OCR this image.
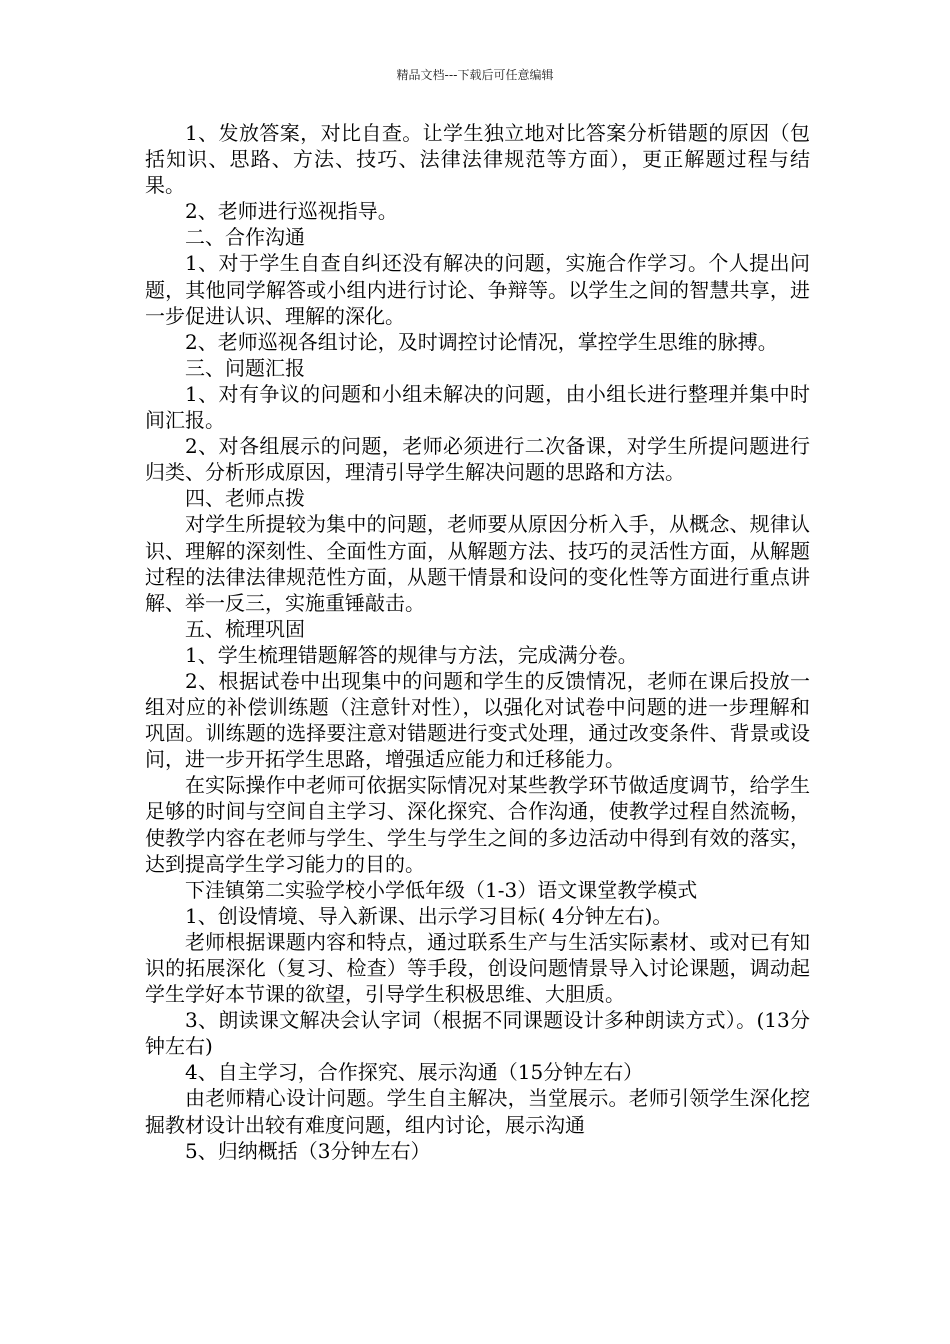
精品文档---下载后可任意编辑

1、发放答案，对比自查。让学生独立地对比答案分析错题的原因（包括知识、思路、方法、技巧、法律法律规范等方面），更正解题过程与结果。

2、老师进行巡视指导。

二、合作沟通

1、对于学生自查自纠还没有解决的问题，实施合作学习。个人提出问题，其他同学解答或小组内进行讨论、争辩等。以学生之间的智慧共享，进一步促进认识、理解的深化。

2、老师巡视各组讨论，及时调控讨论情况，掌控学生思维的脉搏。

三、问题汇报

1、对有争议的问题和小组未解决的问题，由小组长进行整理并集中时间汇报。

2、对各组展示的问题，老师必须进行二次备课，对学生所提问题进行归类、分析形成原因，理清引导学生解决问题的思路和方法。

四、老师点拨

对学生所提较为集中的问题，老师要从原因分析入手，从概念、规律认识、理解的深刻性、全面性方面，从解题方法、技巧的灵活性方面，从解题过程的法律法律规范性方面，从题干情景和设问的变化性等方面进行重点讲解、举一反三，实施重锤敲击。

五、梳理巩固

1、学生梳理错题解答的规律与方法，完成满分卷。

2、根据试卷中出现集中的问题和学生的反馈情况，老师在课后投放一组对应的补偿训练题（注意针对性），以强化对试卷中问题的进一步理解和巩固。训练题的选择要注意对错题进行变式处理，通过改变条件、背景或设问，进一步开拓学生思路，增强适应能力和迁移能力。

在实际操作中老师可依据实际情况对某些教学环节做适度调节，给学生足够的时间与空间自主学习、深化探究、合作沟通，使教学过程自然流畅，使教学内容在老师与学生、学生与学生之间的多边活动中得到有效的落实，达到提高学生学习能力的目的。

下洼镇第二实验学校小学低年级（1-3）语文课堂教学模式

1、创设情境、导入新课、出示学习目标( 4分钟左右)。

老师根据课题内容和特点，通过联系生产与生活实际素材、或对已有知识的拓展深化（复习、检查）等手段，创设问题情景导入讨论课题，调动起学生学好本节课的欲望，引导学生积极思维、大胆质。

3、朗读课文解决会认字词（根据不同课题设计多种朗读方式）。(13分钟左右)

4、自主学习，合作探究、展示沟通（15分钟左右）

由老师精心设计问题。学生自主解决，当堂展示。老师引领学生深化挖掘教材设计出较有难度问题，组内讨论，展示沟通

5、归纳概括（3分钟左右）
